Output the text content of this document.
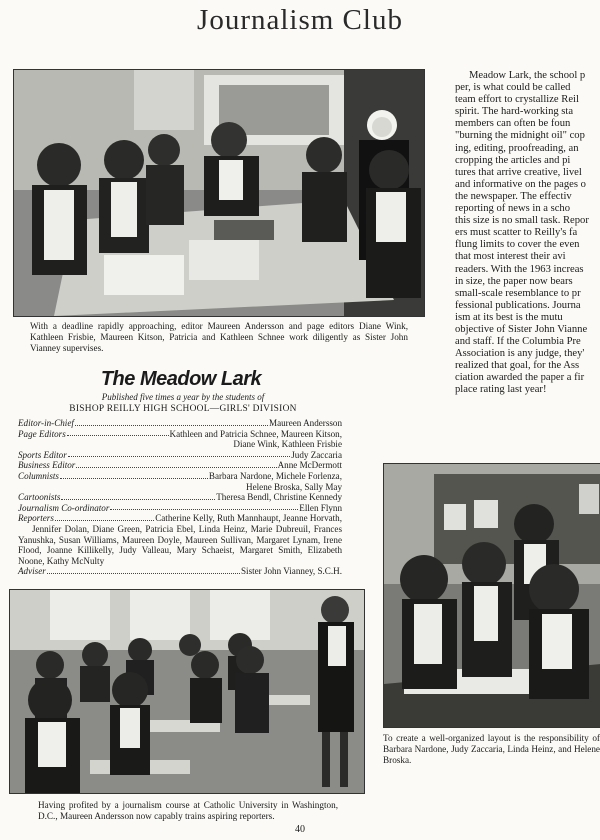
Journalism Club
With a deadline rapidly approaching, editor Maureen Andersson and page editors Diane Wink, Kathleen Frisbie, Maureen Kitson, Patricia and Kathleen Schnee work diligently as Sister John Vianney supervises.
Meadow Lark, the school p
per, is what could be called
team effort to crystallize Reil
spirit. The hard-working sta
members can often be foun
"burning the midnight oil" cop
ing, editing, proofreading, an
cropping the articles and pi
tures that arrive creative, livel
and informative on the pages o
the newspaper. The effectiv
reporting of news in a scho
this size is no small task. Repor
ers must scatter to Reilly's fa
flung limits to cover the even
that most interest their avi
readers. With the 1963 increas
in size, the paper now bears
small-scale resemblance to pr
fessional publications. Journa
ism at its best is the mutu
objective of Sister John Vianne
and staff. If the Columbia Pre
Association is any judge, they'
realized that goal, for the Ass
ciation awarded the paper a fir
place rating last year!
The Meadow Lark
Published five times a year by the students of
BISHOP REILLY HIGH SCHOOL—GIRLS' DIVISION
Editor-in-Chief	Maureen Andersson
Page Editors	Kathleen and Patricia Schnee, Maureen Kitson,
Diane Wink, Kathleen Frisbie
Sports Editor	Judy Zaccaria
Business Editor	Anne McDermott
Columnists	Barbara Nardone, Michele Forlenza,
Helene Broska, Sally May
Cartoonists	Theresa Bendl, Christine Kennedy
Journalism Co-ordinator	Ellen Flynn
Reporters	Catherine Kelly, Ruth Mannhaupt, Jeanne Horvath,
Jennifer Dolan, Diane Green, Patricia Ebel, Linda Heinz, Marie Dubreuil, Frances Yanushka, Susan Williams, Maureen Doyle, Maureen Sullivan, Margaret Lynam, Irene Flood, Joanne Killikelly, Judy Valleau, Mary Schaeist, Margaret Smith, Elizabeth Noone, Kathy McNulty
Adviser	Sister John Vianney, S.C.H.
To create a well-organized layout is the responsibility of Barbara Nardone, Judy Zaccaria, Linda Heinz, and Helene Broska.
Having profited by a journalism course at Catholic University in Washington, D.C., Maureen Andersson now capably trains aspiring reporters.
40
